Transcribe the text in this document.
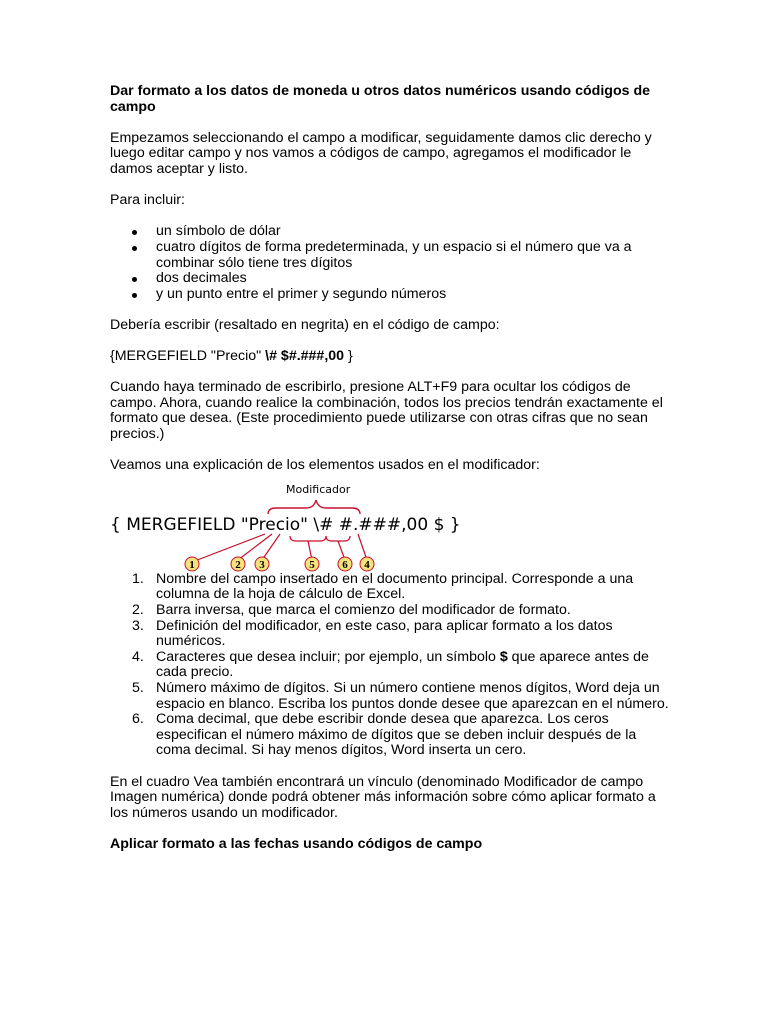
Dar formato a los datos de moneda u otros datos numéricos usando códigos de campo

Empezamos seleccionando el campo a modificar, seguidamente damos clic derecho y luego editar campo y nos vamos a códigos de campo, agregamos el modificador le damos aceptar y listo.

Para incluir:

un símbolo de dólar
cuatro dígitos de forma predeterminada, y un espacio si el número que va a combinar sólo tiene tres dígitos
dos decimales
y un punto entre el primer y segundo números

Debería escribir (resaltado en negrita) en el código de campo:

{MERGEFIELD "Precio" \# $#.###,00 }

Cuando haya terminado de escribirlo, presione ALT+F9 para ocultar los códigos de campo. Ahora, cuando realice la combinación, todos los precios tendrán exactamente el formato que desea. (Este procedimiento puede utilizarse con otras cifras que no sean precios.)

Veamos una explicación de los elementos usados en el modificador:

1	2 3	5	6 4
Modificador
{ MERGEFIELD "Precio" \# #.###,00 $ }
1. Nombre del campo insertado en el documento principal. Corresponde a una columna de la hoja de cálculo de Excel.
2. Barra inversa, que marca el comienzo del modificador de formato.
3. Definición del modificador, en este caso, para aplicar formato a los datos numéricos.
4. Caracteres que desea incluir; por ejemplo, un símbolo $ que aparece antes de cada precio.
5. Número máximo de dígitos. Si un número contiene menos dígitos, Word deja un espacio en blanco. Escriba los puntos donde desee que aparezcan en el número.
6. Coma decimal, que debe escribir donde desea que aparezca. Los ceros especifican el número máximo de dígitos que se deben incluir después de la coma decimal. Si hay menos dígitos, Word inserta un cero.

En el cuadro Vea también encontrará un vínculo (denominado Modificador de campo Imagen numérica) donde podrá obtener más información sobre cómo aplicar formato a los números usando un modificador.

Aplicar formato a las fechas usando códigos de campo
